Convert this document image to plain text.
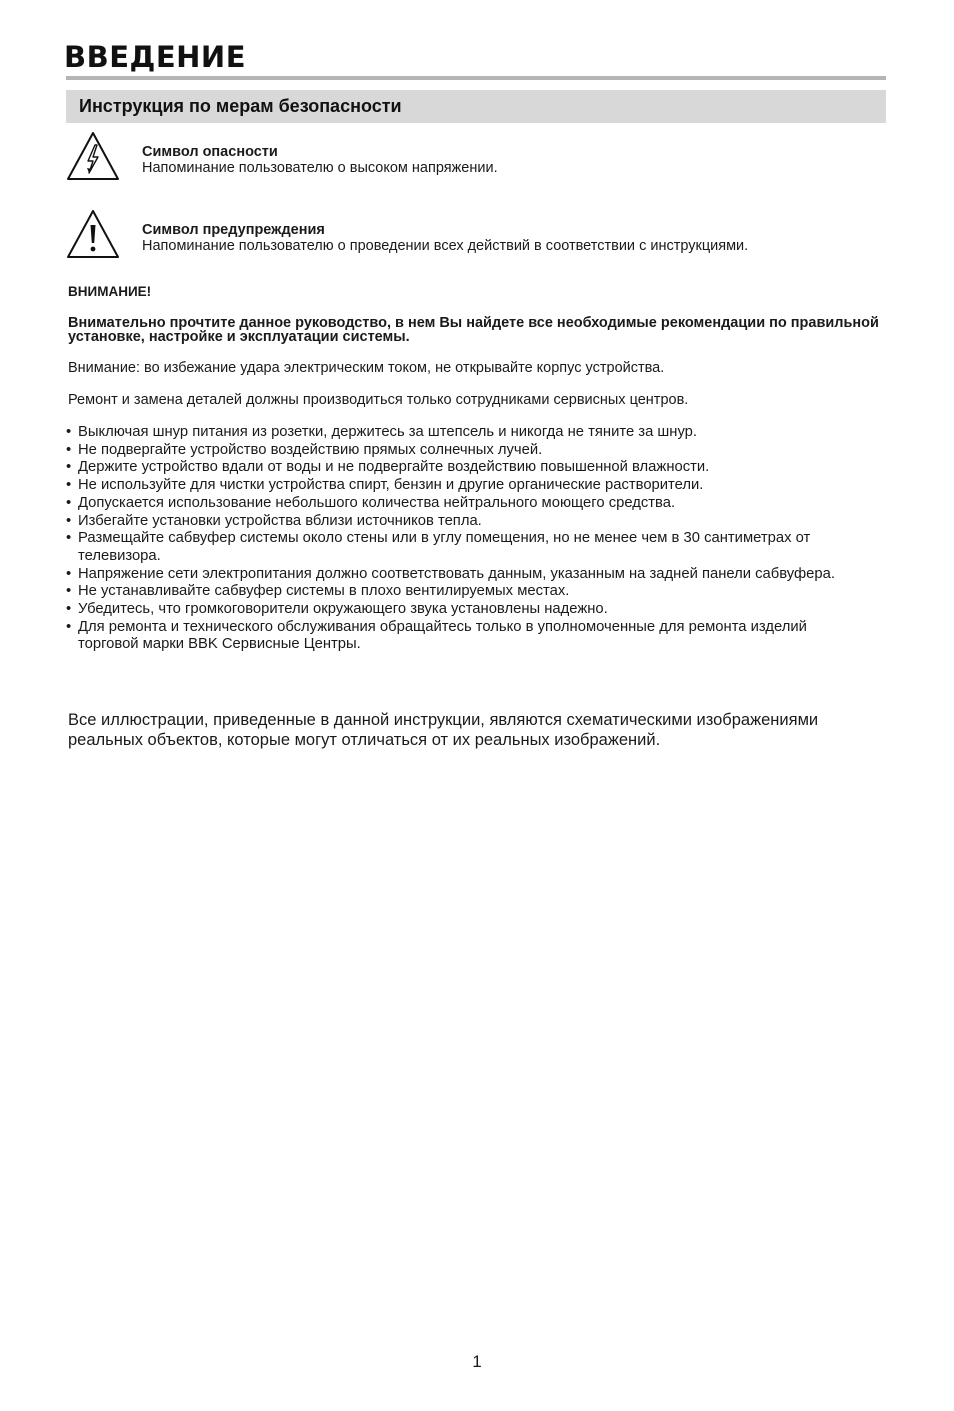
ВВЕДЕНИЕ
Инструкция по мерам безопасности
Символ опасности
Напоминание пользователю о высоком напряжении.
Символ предупреждения
Напоминание пользователю о проведении всех действий в соответствии с инструкциями.
ВНИМАНИЕ!
Внимательно прочтите данное руководство, в нем Вы найдете все необходимые рекомендации по правильной установке, настройке и эксплуатации системы.
Внимание: во избежание удара электрическим током, не открывайте корпус устройства.
Ремонт и замена деталей должны производиться только сотрудниками сервисных центров.
• Выключая шнур питания из розетки, держитесь за штепсель и никогда не тяните за шнур.
• Не подвергайте устройство воздействию прямых солнечных лучей.
• Держите устройство вдали от воды и не подвергайте воздействию повышенной влажности.
• Не используйте для чистки устройства спирт, бензин и другие органические растворители.
• Допускается использование небольшого количества нейтрального моющего средства.
• Избегайте установки устройства вблизи источников тепла.
• Размещайте сабвуфер системы около стены или в углу помещения, но не менее чем в 30 сантиметрах от телевизора.
• Напряжение сети электропитания должно соответствовать данным, указанным на задней панели сабвуфера.
• Не устанавливайте сабвуфер системы в плохо вентилируемых местах.
• Убедитесь, что громкоговорители окружающего звука установлены надежно.
• Для ремонта и технического обслуживания обращайтесь только в уполномоченные для ремонта изделий торговой марки BBK Сервисные Центры.
Все иллюстрации, приведенные в данной инструкции, являются схематическими изображениями реальных объектов, которые могут отличаться от их реальных изображений.
1
